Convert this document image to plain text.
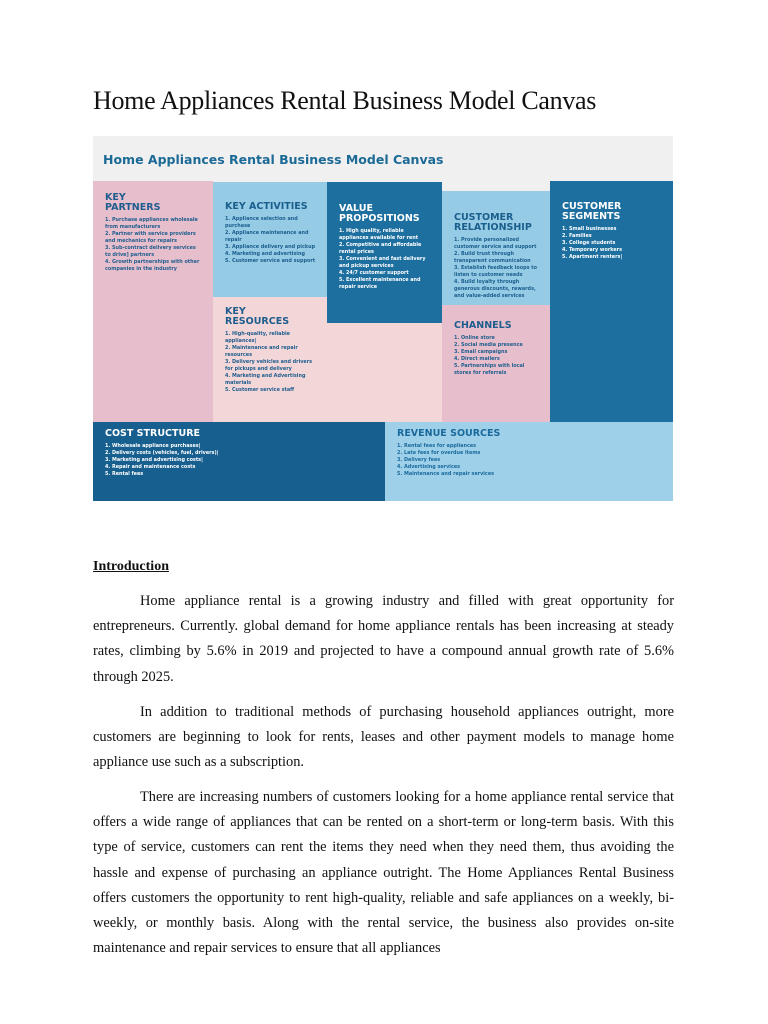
Home Appliances Rental Business Model Canvas
Home Appliances Rental Business Model Canvas
KEY PARTNERS
1. Purchase appliances wholesale from manufacturers
2. Partner with service providers and mechanics for repairs
3. Sub-contract delivery services to drive] partners
4. Growth partnerships with other companies in the industry
KEY ACTIVITIES
1. Appliance selection and purchase
2. Appliance maintenance and repair
3. Appliance delivery and pickup
4. Marketing and advertising
5. Customer service and support
KEY RESOURCES
1. High-quality, reliable appliances|
2. Maintenance and repair resources
3. Delivery vehicles and drivers for pickups and delivery
4. Marketing and Advertising materials
5. Customer service staff
VALUE PROPOSITIONS
1. High quality, reliable appliances available for rent
2. Competitive and affordable rental prices
3. Convenient and fast delivery and pickup services
4. 24/7 customer support
5. Excellent maintenance and repair service
CUSTOMER RELATIONSHIP
1. Provide personalized customer service and support
2. Build trust through transparent communication
3. Establish feedback loops to listen to customer needs
4. Build loyalty through generous discounts, rewards, and value-added services
CHANNELS
1. Online store
2. Social media presence
3. Email campaigns
4. Direct mailers
5. Partnerships with local stores for referrals
CUSTOMER SEGMENTS
1. Small businesses
2. Families
3. College students
4. Temporary workers
5. Apartment renters|
COST STRUCTURE
1. Wholesale appliance purchases|
2. Delivery costs (vehicles, fuel, drivers)|
3. Marketing and advertising costs|
4. Repair and maintenance costs
5. Rental fees
REVENUE SOURCES
1. Rental fees for appliances
2. Late fees for overdue items
3. Delivery fees
4. Advertising services
5. Maintenance and repair services
Introduction

Home appliance rental is a growing industry and filled with great opportunity for entrepreneurs. Currently. global demand for home appliance rentals has been increasing at steady rates, climbing by 5.6% in 2019 and projected to have a compound annual growth rate of 5.6% through 2025.

In addition to traditional methods of purchasing household appliances outright, more customers are beginning to look for rents, leases and other payment models to manage home appliance use such as a subscription.

There are increasing numbers of customers looking for a home appliance rental service that offers a wide range of appliances that can be rented on a short-term or long-term basis. With this type of service, customers can rent the items they need when they need them, thus avoiding the hassle and expense of purchasing an appliance outright. The Home Appliances Rental Business offers customers the opportunity to rent high-quality, reliable and safe appliances on a weekly, bi-weekly, or monthly basis. Along with the rental service, the business also provides on-site maintenance and repair services to ensure that all appliances
